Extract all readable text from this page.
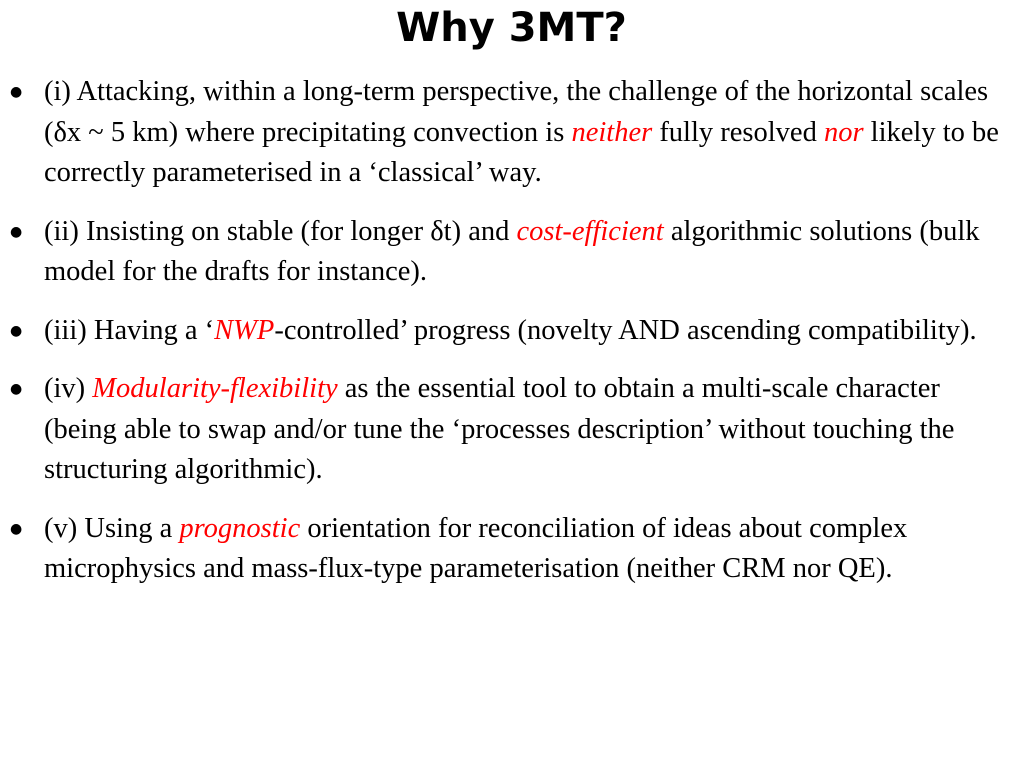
Why 3MT?
● (i) Attacking, within a long-term perspective, the challenge of the horizontal scales (δx ~ 5 km) where precipitating convection is neither fully resolved nor likely to be correctly parameterised in a ‘classical’ way.
● (ii) Insisting on stable (for longer δt) and cost-efficient algorithmic solutions (bulk model for the drafts for instance).
● (iii) Having a ‘NWP-controlled’ progress (novelty AND ascending compatibility).
● (iv) Modularity-flexibility as the essential tool to obtain a multi-scale character (being able to swap and/or tune the ‘processes description’ without touching the structuring algorithmic).
● (v) Using a prognostic orientation for reconciliation of ideas about complex microphysics and mass-flux-type parameterisation (neither CRM nor QE).
